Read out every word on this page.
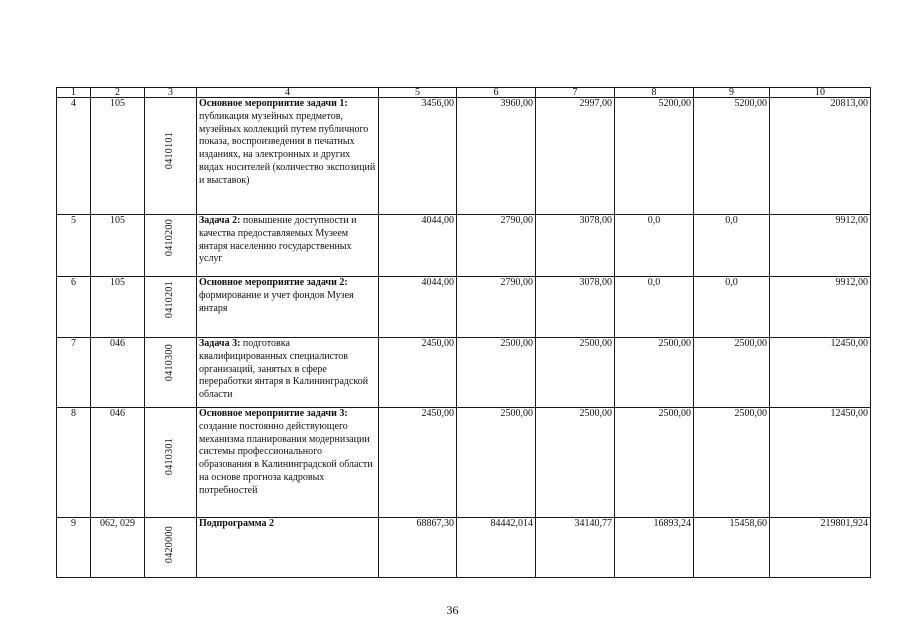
1	2	3	4	5	6	7	8	9	10
4	105	0410101	Основное мероприятие задачи 1: публикация музейных предметов, музейных коллекций путем публичного показа, воспроизведения в печатных изданиях, на электронных и других видах носителей (количество экспозиций и выставок)	3456,00	3960,00	2997,00	5200,00	5200,00	20813,00
5	105	0410200	Задача 2: повышение доступности и качества предоставляемых Музеем янтаря населению государственных услуг	4044,00	2790,00	3078,00	0,0	0,0	9912,00
6	105	0410201	Основное мероприятие задачи 2: формирование и учет фондов Музея янтаря	4044,00	2790,00	3078,00	0,0	0,0	9912,00
7	046	0410300	Задача 3: подготовка квалифицированных специалистов организаций, занятых в сфере переработки янтаря в Калининградской области	2450,00	2500,00	2500,00	2500,00	2500,00	12450,00
8	046	0410301	Основное мероприятие задачи 3: создание постоянно действующего механизма планирования модернизации системы профессионального образования в Калининградской области на основе прогноза кадровых потребностей	2450,00	2500,00	2500,00	2500,00	2500,00	12450,00
9	062, 029	0420000	Подпрограмма 2	68867,30	84442,014	34140,77	16893,24	15458,60	219801,924
36
